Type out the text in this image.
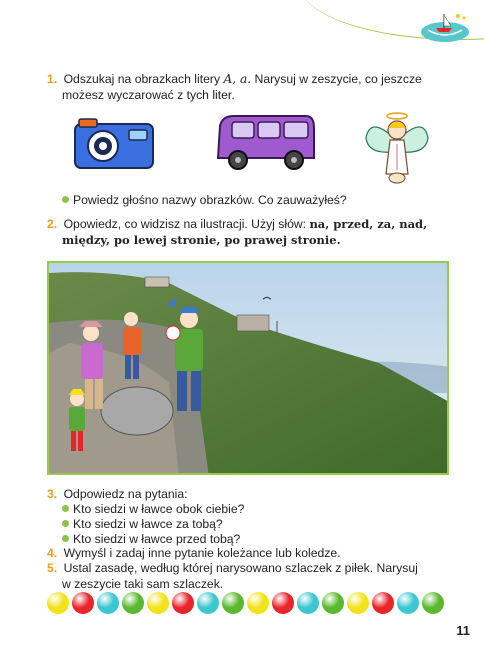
1. Odszukaj na obrazkach litery A, a. Narysuj w zeszycie, co jeszcze
możesz wyczarować z tych liter.
Powiedz głośno nazwy obrazków. Co zauważyłeś?
2. Opowiedz, co widzisz na ilustracji. Użyj słów: na, przed, za, nad,
między, po lewej stronie, po prawej stronie.
3. Odpowiedz na pytania:
Kto siedzi w ławce obok ciebie?
Kto siedzi w ławce za tobą?
Kto siedzi w ławce przed tobą?
4. Wymyśl i zadaj inne pytanie koleżance lub koledze.
5. Ustal zasadę, według której narysowano szlaczek z piłek. Narysuj
w zeszycie taki sam szlaczek.
11
